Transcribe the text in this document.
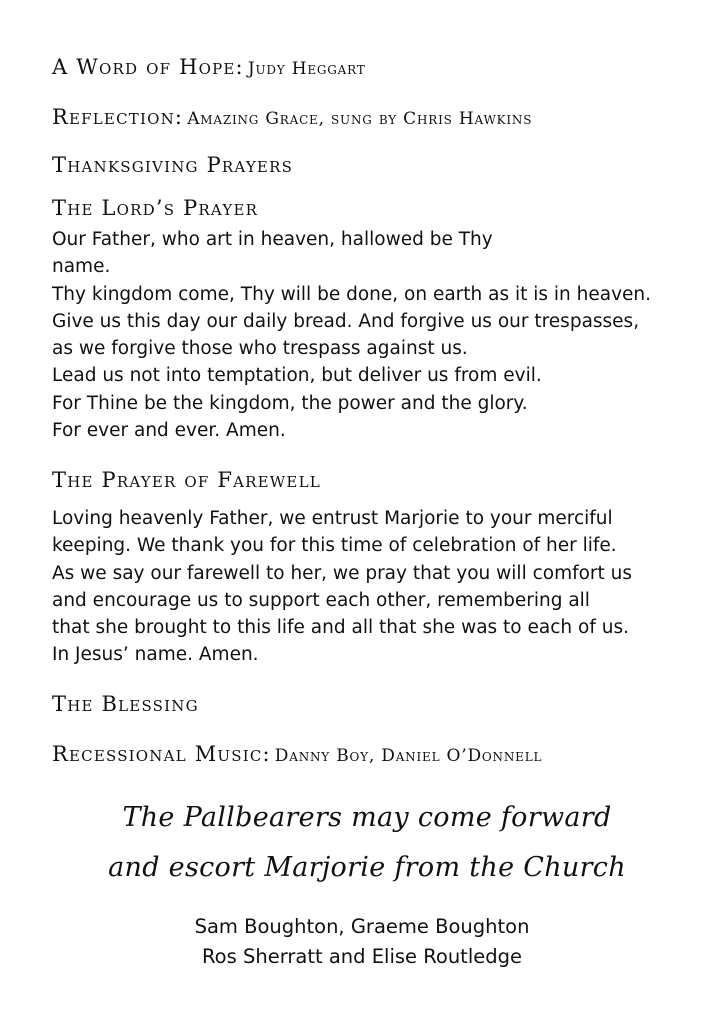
A Word of Hope: Judy Heggart
Reflection: Amazing Grace, sung by Chris Hawkins
Thanksgiving Prayers
The Lord’s Prayer
Our Father, who art in heaven, hallowed be Thy
name.
Thy kingdom come, Thy will be done, on earth as it is in heaven.
Give us this day our daily bread. And forgive us our trespasses,
as we forgive those who trespass against us.
Lead us not into temptation, but deliver us from evil.
For Thine be the kingdom, the power and the glory.
For ever and ever. Amen.
The Prayer of Farewell
Loving heavenly Father, we entrust Marjorie to your merciful
keeping. We thank you for this time of celebration of her life.
As we say our farewell to her, we pray that you will comfort us
and encourage us to support each other, remembering all
that she brought to this life and all that she was to each of us.
In Jesus’ name. Amen.
The Blessing
Recessional Music: Danny Boy, Daniel O’Donnell
The Pallbearers may come forward
and escort Marjorie from the Church
Sam Boughton, Graeme Boughton
Ros Sherratt and Elise Routledge
